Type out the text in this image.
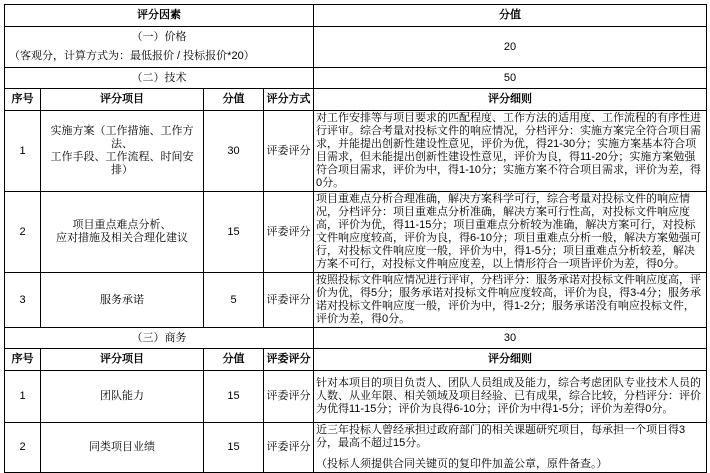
评分因素				分值

（一）价格
（客观分，计算方式为：最低报价 / 投标报价*20）				20
（二）技术				50
序号	评分项目	分值	评分方式	评分细则
1	实施方案（工作措施、工作方法、
工作手段、工作流程、时间安排）	30	评委评分	对工作安排等与项目要求的匹配程度、工作方法的适用度、工作流程的有序性进行评审。综合考量对投标文件的响应情况，分档评分：实施方案完全符合项目需求，并能提出创新性建设性意见，评价为优，得21-30分；实施方案基本符合项目需求，但未能提出创新性建设性意见，评价为良，得11-20分；实施方案勉强符合项目需求，评价为中，得1-10分；实施方案不符合项目需求，评价为差，得0分。
2	项目重点难点分析、
应对措施及相关合理化建议	15	评委评分	项目重难点分析合理准确，解决方案科学可行，综合考量对投标文件的响应情况，分档评分：项目重难点分析准确，解决方案可行性高，对投标文件响应度高，评价为优，得11-15分；项目重难点分析较为准确，解决方案可行，对投标文件响应度较高，评价为良，得6-10分；项目重难点分析一般，解决方案勉强可行，对投标文件响应度一般，评价为中，得1-5分；项目重难点分析较差，解决方案不可行，对投标文件响应度差，以上情形符合一项皆评价为差，得0分。
3	服务承诺	5	评委评分	按照投标文件响应情况进行评审，分档评分：服务承诺对投标文件响应度高，评价为优，得5分；服务承诺对投标文件响应度较高，评价为良，得3-4分；服务承诺对投标文件响应度一般，评价为中，得1-2分；服务承诺没有响应投标文件，评价为差，得0分。
（三）商务				30
序号	评分项目	分值	评委评分	评分细则
1	团队能力	15	评委评分	针对本项目的项目负责人、团队人员组成及能力，综合考虑团队专业技术人员的人数、从业年限、相关领域及项目经验、已有成果，综合比较，分档评分：评价为优得11-15分；评价为良得6-10分；评价为中得1-5分；评价为差得0分。
2	同类项目业绩	15	评委评分	近三年投标人曾经承担过政府部门的相关课题研究项目，每承担一个项目得3分，最高不超过15分。
（投标人须提供合同关键页的复印件加盖公章，原件备查。）
